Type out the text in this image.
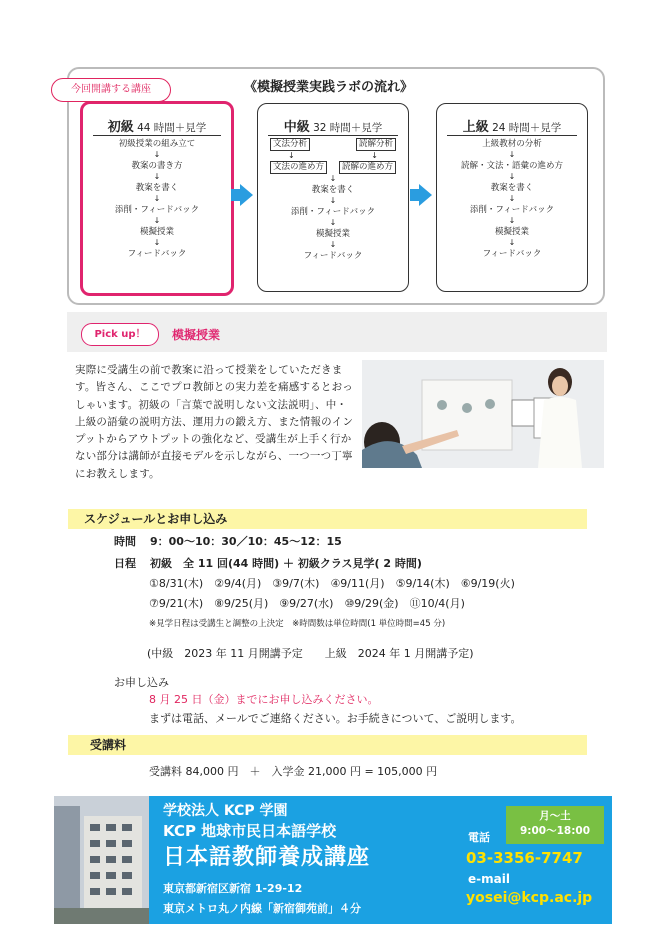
《模擬授業実践ラボの流れ》
初級 44 時間＋見学
初級授業の組み立て
↓
教案の書き方
↓
教案を書く
↓
添削・フィードバック
↓
模擬授業
↓
フィードバック
今回開講する講座
中級 32 時間＋見学
文法分析	読解分析
↓	↓
文法の進め方	読解の進め方
↓
教案を書く
↓
添削・フィードバック
↓
模擬授業
↓
フィードバック
上級 24 時間＋見学
上級教材の分析
↓
読解・文法・語彙の進め方
↓
教案を書く
↓
添削・フィードバック
↓
模擬授業
↓
フィードバック
Pick up！	模擬授業
実際に受講生の前で教案に沿って授業をしていただきます。皆さん、ここでプロ教師との実力差を痛感するとおっしゃいます。初級の「言葉で説明しない文法説明」、中・上級の語彙の説明方法、運用力の鍛え方、また情報のインプットからアウトプットの強化など、受講生が上手く行かない部分は講師が直接モデルを示しながら、一つ一つ丁寧にお教えします。
スケジュールとお申し込み
時間 9：00～10：30／10：45～12：15
日程 初級　全 11 回(44 時間) ＋ 初級クラス見学( 2 時間)
①8/31(木)　②9/4(月)　③9/7(木)　④9/11(月)　⑤9/14(木)　⑥9/19(火)
⑦9/21(木)　⑧9/25(月)　⑨9/27(水)　⑩9/29(金)　⑪10/4(月)
※見学日程は受講生と調整の上決定　※時間数は単位時間(1 単位時間=45 分)
(中級　2023 年 11 月開講予定　　上級　2024 年 1 月開講予定)
お申し込み
8 月 25 日（金）までにお申し込みください。
まずは電話、メールでご連絡ください。お手続きについて、ご説明します。
受講料
受講料 84,000 円　＋　入学金 21,000 円 = 105,000 円
学校法人 KCP 学園
KCP 地球市民日本語学校
日本語教師養成講座
東京都新宿区新宿 1-29-12
東京メトロ丸ノ内線「新宿御苑前」４分
月～土
9:00～18:00
電話
03-3356-7747
e-mail
yosei@kcp.ac.jp
